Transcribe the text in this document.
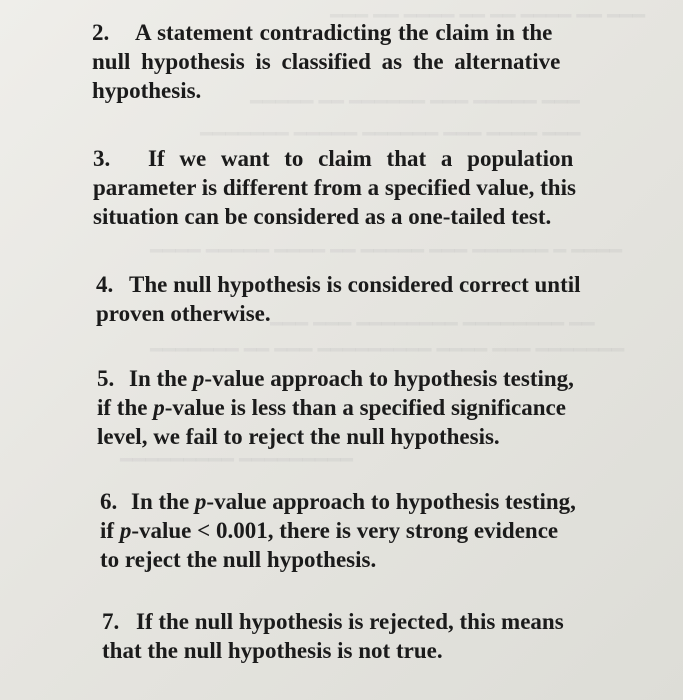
━━━ ━━ ━━━━ ━━ ━━ ━━━━ ━━ ━━━
━━━━━ ━━ ━━━━━━ ━━━ ━━━━━ ━━━
━━━━━━━ ━━━━━ ━━━━━━ ━━━ ━━━━ ━━━
━━━━ ━━━━━ ━━━━ ━━ ━━━━━ ━━━ ━━━━━━ ━ ━━━━
━━━ ━━━ ━━━━━━━━ ━━━━━━━━ ━━
━━━━━━━ ━━ ━━━ ━━━━━━━━━ ━━━━ ━━━ ━━━━━━━
━━━━━━━━━ ━━━━━━━━━
2. A statement contradicting the claim in the
null hypothesis is classified as the alternative
hypothesis.
3. If we want to claim that a population
parameter is different from a specified value, this
situation can be considered as a one-tailed test.
4. The null hypothesis is considered correct until
proven otherwise.
5. In the p-value approach to hypothesis testing,
if the p-value is less than a specified significance
level, we fail to reject the null hypothesis.
6. In the p-value approach to hypothesis testing,
if p-value < 0.001, there is very strong evidence
to reject the null hypothesis.
7. If the null hypothesis is rejected, this means
that the null hypothesis is not true.
